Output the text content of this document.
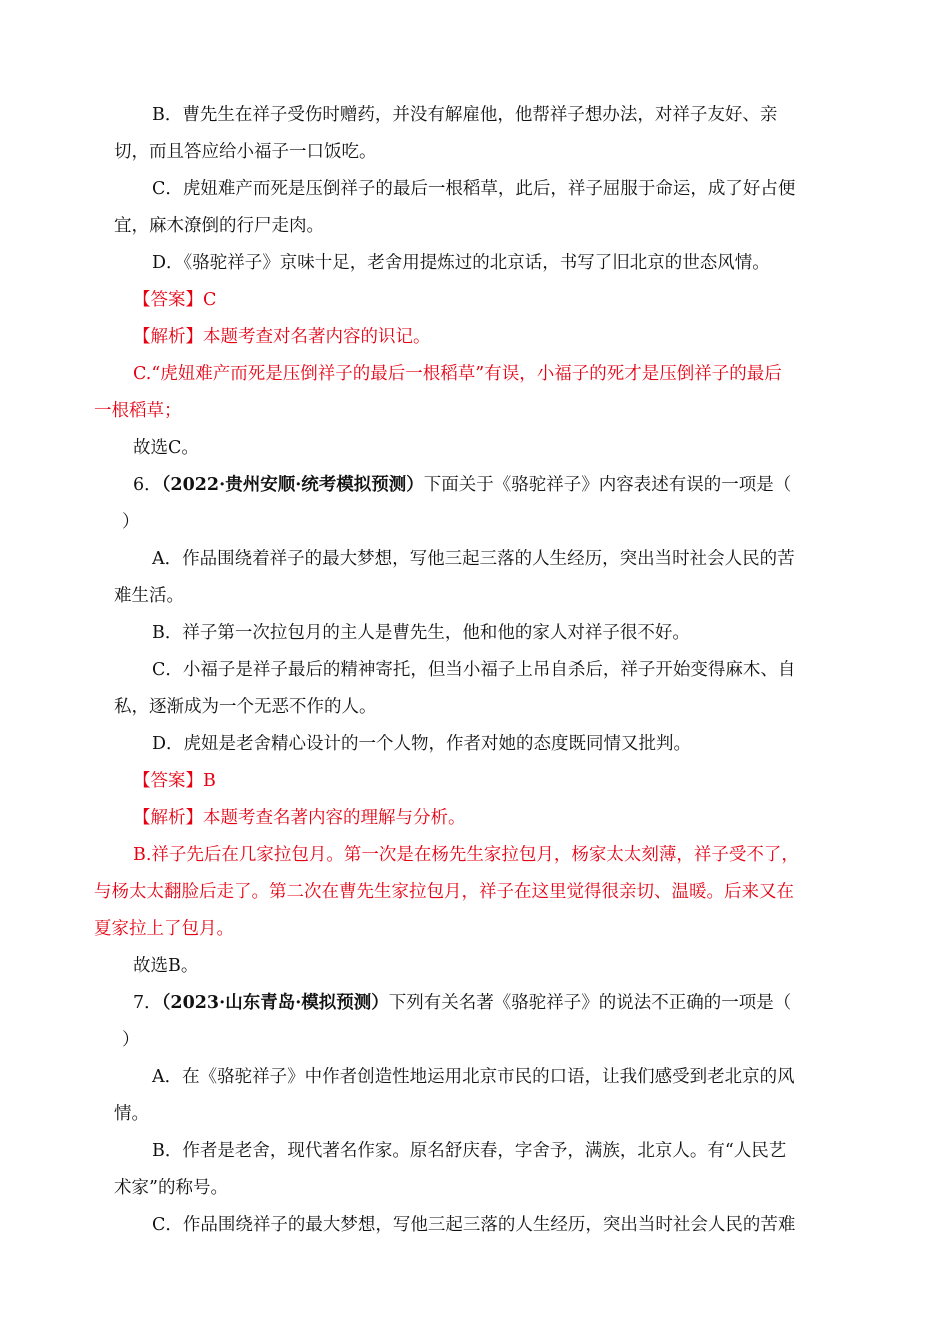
B．曹先生在祥子受伤时赠药，并没有解雇他，他帮祥子想办法，对祥子友好、亲
切，而且答应给小福子一口饭吃。
C．虎妞难产而死是压倒祥子的最后一根稻草，此后，祥子屈服于命运，成了好占便
宜，麻木潦倒的行尸走肉。
D．《骆驼祥子》京味十足，老舍用提炼过的北京话，书写了旧北京的世态风情。
【答案】C
【解析】本题考查对名著内容的识记。
C.“虎妞难产而死是压倒祥子的最后一根稻草”有误，小福子的死才是压倒祥子的最后
一根稻草；
故选C。
6．（2022·贵州安顺·统考模拟预测）下面关于《骆驼祥子》内容表述有误的一项是（
）
A．作品围绕着祥子的最大梦想，写他三起三落的人生经历，突出当时社会人民的苦
难生活。
B．祥子第一次拉包月的主人是曹先生，他和他的家人对祥子很不好。
C．小福子是祥子最后的精神寄托，但当小福子上吊自杀后，祥子开始变得麻木、自
私，逐渐成为一个无恶不作的人。
D．虎妞是老舍精心设计的一个人物，作者对她的态度既同情又批判。
【答案】B
【解析】本题考查名著内容的理解与分析。
B.祥子先后在几家拉包月。第一次是在杨先生家拉包月，杨家太太刻薄，祥子受不了，
与杨太太翻脸后走了。第二次在曹先生家拉包月，祥子在这里觉得很亲切、温暖。后来又在
夏家拉上了包月。
故选B。
7．（2023·山东青岛·模拟预测）下列有关名著《骆驼祥子》的说法不正确的一项是（
）
A．在《骆驼祥子》中作者创造性地运用北京市民的口语，让我们感受到老北京的风
情。
B．作者是老舍，现代著名作家。原名舒庆春，字舍予，满族，北京人。有“人民艺
术家”的称号。
C．作品围绕祥子的最大梦想，写他三起三落的人生经历，突出当时社会人民的苦难
